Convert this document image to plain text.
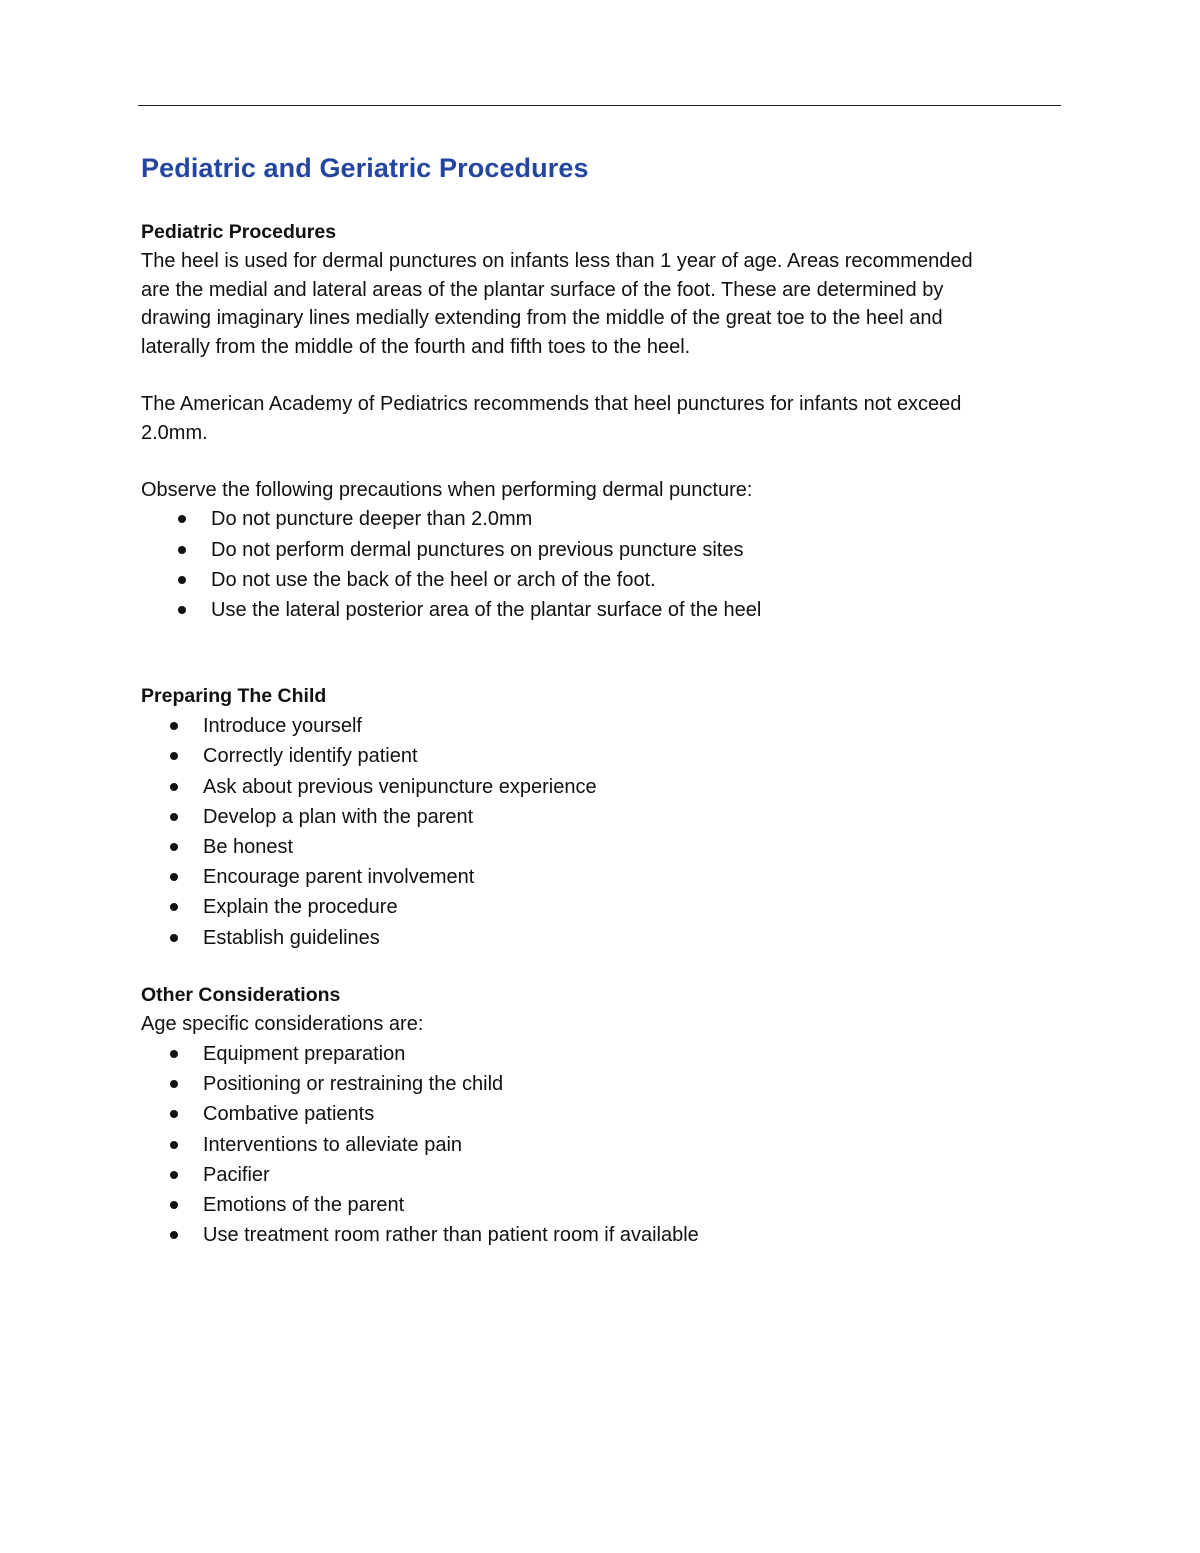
Pediatric and Geriatric Procedures
Pediatric Procedures
The heel is used for dermal punctures on infants less than 1 year of age. Areas recommended
are the medial and lateral areas of the plantar surface of the foot. These are determined by
drawing imaginary lines medially extending from the middle of the great toe to the heel and
laterally from the middle of the fourth and fifth toes to the heel.
The American Academy of Pediatrics recommends that heel punctures for infants not exceed
2.0mm.

Observe the following precautions when performing dermal puncture:

Do not puncture deeper than 2.0mm
Do not perform dermal punctures on previous puncture sites
Do not use the back of the heel or arch of the foot.
Use the lateral posterior area of the plantar surface of the heel
Preparing The Child
Introduce yourself
Correctly identify patient
Ask about previous venipuncture experience
Develop a plan with the parent
Be honest
Encourage parent involvement
Explain the procedure
Establish guidelines
Other Considerations

Age specific considerations are:

Equipment preparation
Positioning or restraining the child
Combative patients
Interventions to alleviate pain
Pacifier
Emotions of the parent
Use treatment room rather than patient room if available
